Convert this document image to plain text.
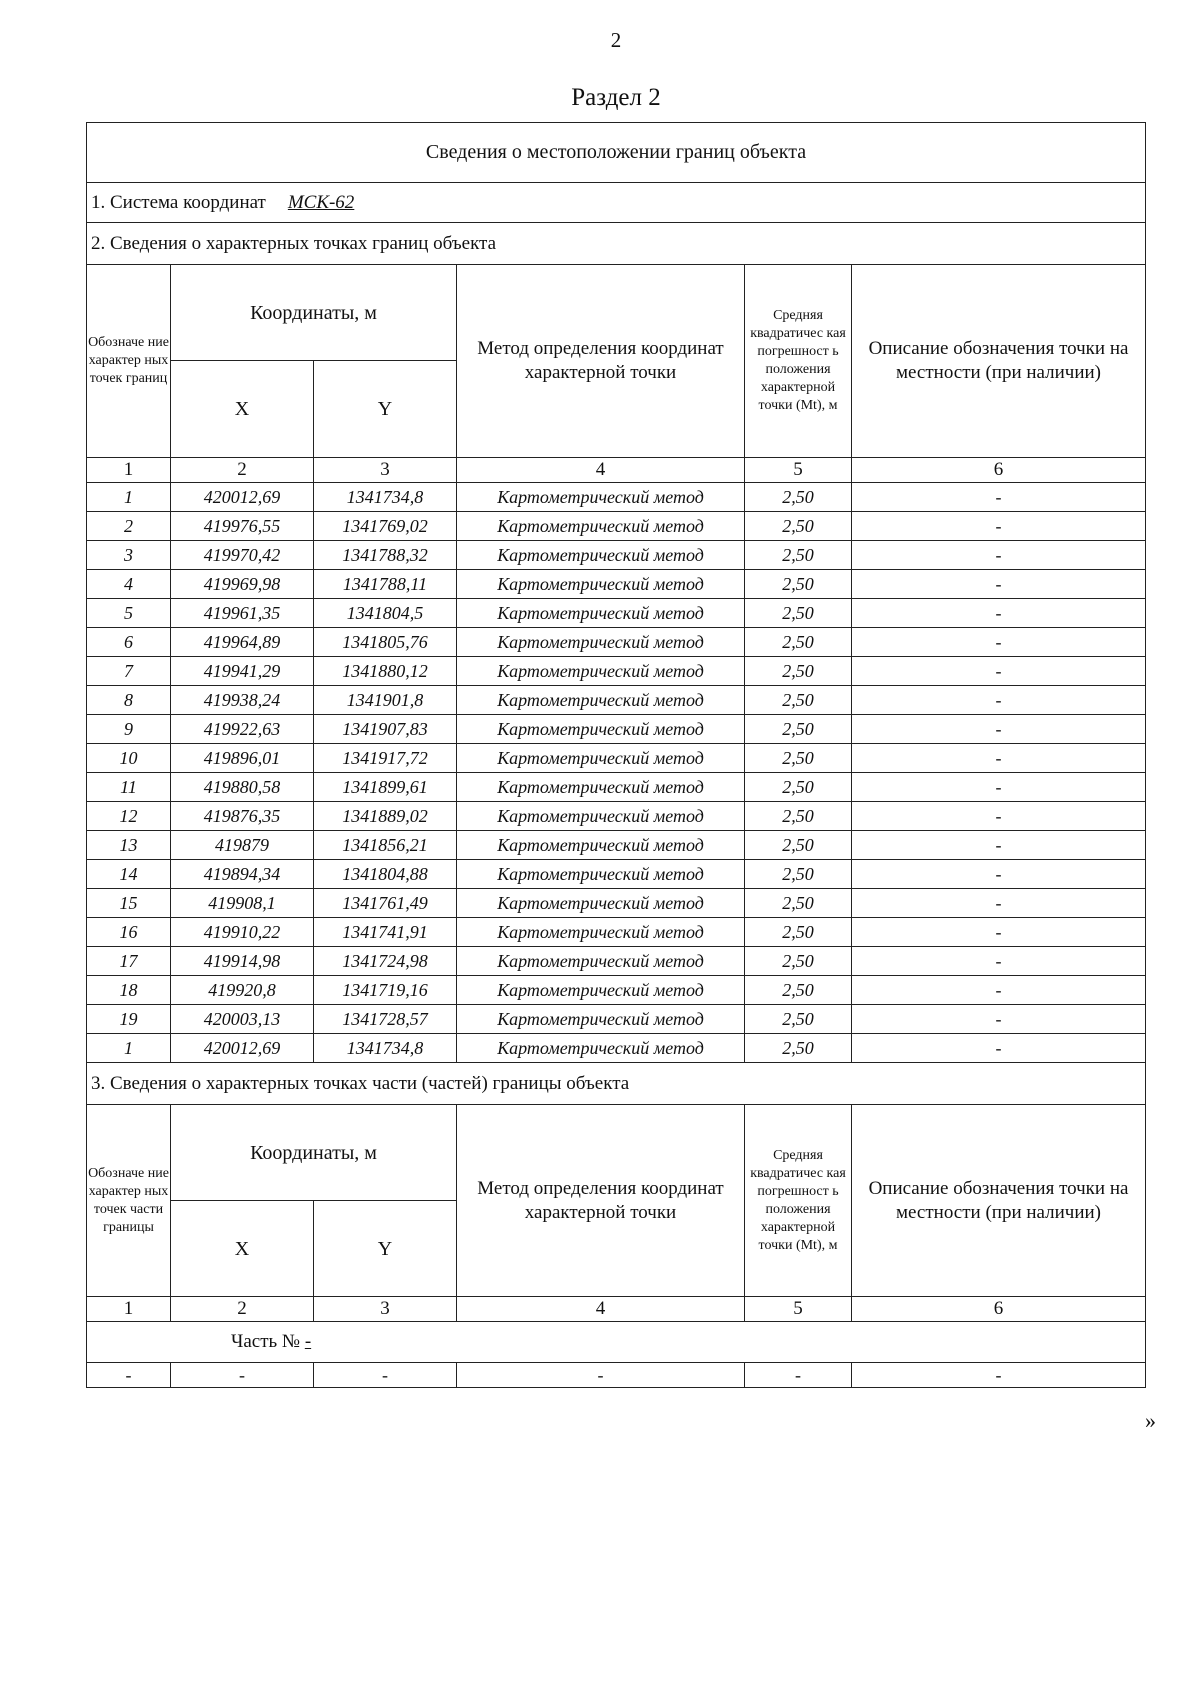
2
Раздел 2
Сведения о местоположении границ объекта					
1. Система координат МСК-62					
2. Сведения о характерных точках границ объекта					
Обозначе ние характер ных точек границ	Координаты, м		Метод определения координат характерной точки	Средняя квадратичес кая погрешност ь положения характерной точки (Mt), м	Описание обозначения точки на местности (при наличии)
	X	Y			
1	2	3	4	5	6
1	420012,69	1341734,8	Картометрический метод	2,50	-
2	419976,55	1341769,02	Картометрический метод	2,50	-
3	419970,42	1341788,32	Картометрический метод	2,50	-
4	419969,98	1341788,11	Картометрический метод	2,50	-
5	419961,35	1341804,5	Картометрический метод	2,50	-
6	419964,89	1341805,76	Картометрический метод	2,50	-
7	419941,29	1341880,12	Картометрический метод	2,50	-
8	419938,24	1341901,8	Картометрический метод	2,50	-
9	419922,63	1341907,83	Картометрический метод	2,50	-
10	419896,01	1341917,72	Картометрический метод	2,50	-
11	419880,58	1341899,61	Картометрический метод	2,50	-
12	419876,35	1341889,02	Картометрический метод	2,50	-
13	419879	1341856,21	Картометрический метод	2,50	-
14	419894,34	1341804,88	Картометрический метод	2,50	-
15	419908,1	1341761,49	Картометрический метод	2,50	-
16	419910,22	1341741,91	Картометрический метод	2,50	-
17	419914,98	1341724,98	Картометрический метод	2,50	-
18	419920,8	1341719,16	Картометрический метод	2,50	-
19	420003,13	1341728,57	Картометрический метод	2,50	-
1	420012,69	1341734,8	Картометрический метод	2,50	-
3. Сведения о характерных точках части (частей) границы объекта					
Обозначе ние характер ных точек части границы	Координаты, м		Метод определения координат характерной точки	Средняя квадратичес кая погрешност ь положения характерной точки (Mt), м	Описание обозначения точки на местности (при наличии)
	X	Y			
1	2	3	4	5	6
Часть № -					
-	-	-	-	-	-
»
